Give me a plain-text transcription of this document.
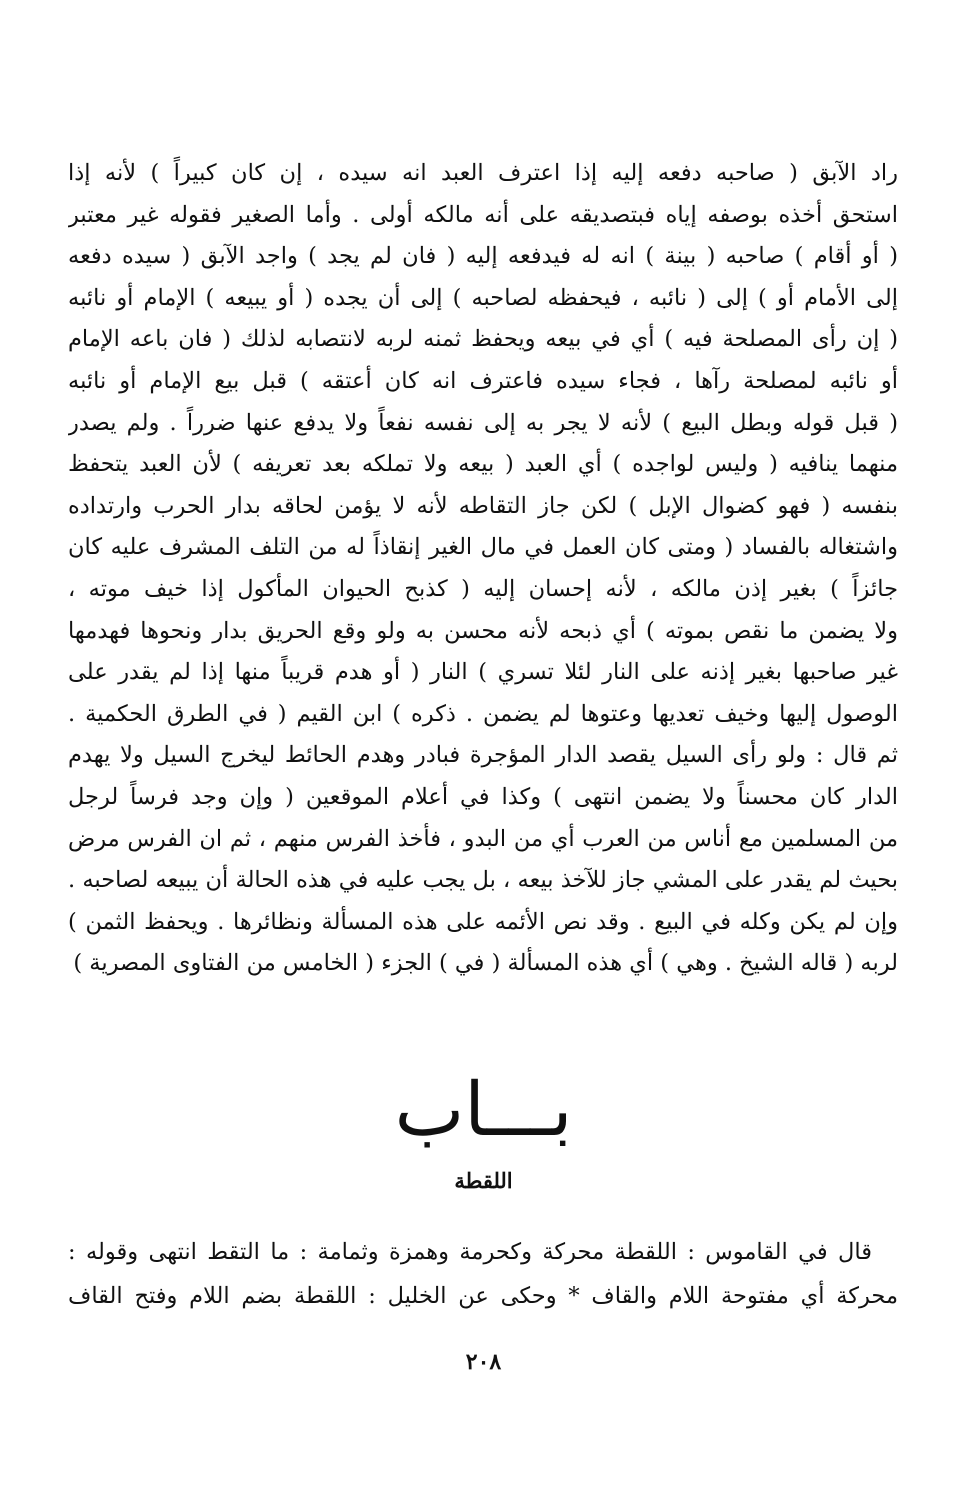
راد الآبق ( صاحبه دفعه إليه إذا اعترف العبد انه سيده ، إن كان كبيراً ) لأنه إذا
استحق أخذه بوصفه إياه فبتصديقه على أنه مالكه أولى . وأما الصغير فقوله غير معتبر
( أو أقام ) صاحبه ( بينة ) انه له فيدفعه إليه ( فان لم يجد ) واجد الآبق ( سيده دفعه
إلى الأمام أو ) إلى ( نائبه ، فيحفظه لصاحبه ) إلى أن يجده ( أو يبيعه ) الإمام أو نائبه
( إن رأى المصلحة فيه ) أي في بيعه ويحفظ ثمنه لربه لانتصابه لذلك ( فان باعه الإمام
أو نائبه لمصلحة رآها ، فجاء سيده فاعترف انه كان أعتقه ) قبل بيع الإمام أو نائبه
( قبل قوله وبطل البيع ) لأنه لا يجر به إلى نفسه نفعاً ولا يدفع عنها ضرراً . ولم يصدر
منهما ينافيه ( وليس لواجده ) أي العبد ( بيعه ولا تملكه بعد تعريفه ) لأن العبد يتحفظ
بنفسه ( فهو كضوال الإبل ) لكن جاز التقاطه لأنه لا يؤمن لحاقه بدار الحرب وارتداده
واشتغاله بالفساد ( ومتى كان العمل في مال الغير إنقاذاً له من التلف المشرف عليه كان
جائزاً ) بغير إذن مالكه ، لأنه إحسان إليه ( كذبح الحيوان المأكول إذا خيف موته ،
ولا يضمن ما نقص بموته ) أي ذبحه لأنه محسن به ولو وقع الحريق بدار ونحوها فهدمها
غير صاحبها بغير إذنه على النار لئلا تسري ) النار ( أو هدم قريباً منها إذا لم يقدر على
الوصول إليها وخيف تعديها وعتوها لم يضمن . ذكره ) ابن القيم ( في الطرق الحكمية .
ثم قال : ولو رأى السيل يقصد الدار المؤجرة فبادر وهدم الحائط ليخرج السيل ولا يهدم
الدار كان محسناً ولا يضمن انتهى ) وكذا في أعلام الموقعين ( وإن وجد فرساً لرجل
من المسلمين مع أناس من العرب أي من البدو ، فأخذ الفرس منهم ، ثم ان الفرس مرض
بحيث لم يقدر على المشي جاز للآخذ بيعه ، بل يجب عليه في هذه الحالة أن يبيعه لصاحبه .
وإن لم يكن وكله في البيع . وقد نص الأئمه على هذه المسألة ونظائرها . ويحفظ الثمن )
لربه ( قاله الشيخ . وهي ) أي هذه المسألة ( في ) الجزء ( الخامس من الفتاوى المصرية )
بـــاب
اللقطة
قال في القاموس : اللقطة محركة وكحرمة وهمزة وثمامة : ما التقط انتهى وقوله :
محركة أي مفتوحة اللام والقاف * وحكى عن الخليل : اللقطة بضم اللام وفتح القاف
٢٠٨
